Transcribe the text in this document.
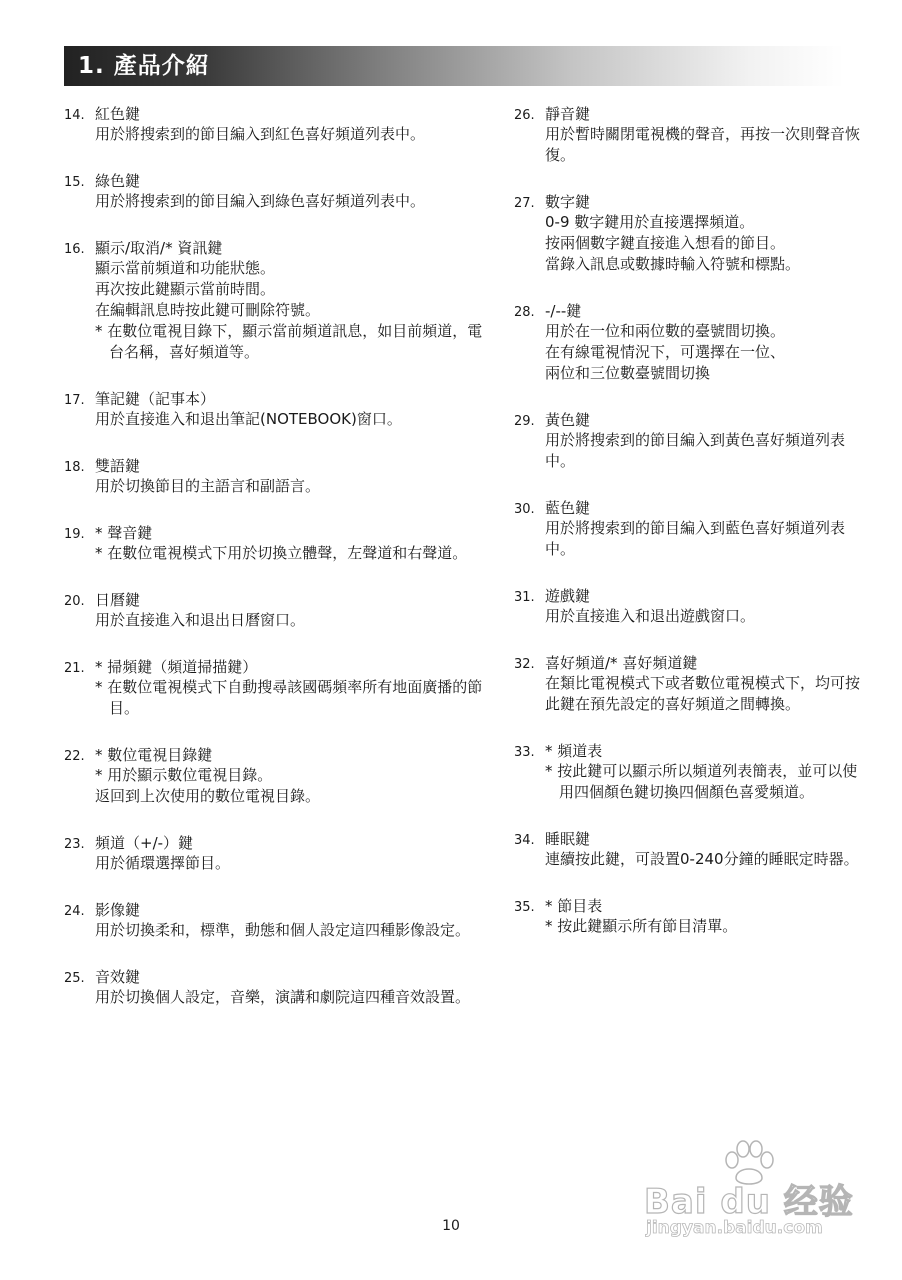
1. 產品介紹
14. 紅色鍵
用於將搜索到的節目編入到紅色喜好頻道列表中。
15. 綠色鍵
用於將搜索到的節目編入到綠色喜好頻道列表中。
16. 顯示/取消/* 資訊鍵
顯示當前頻道和功能狀態。
再次按此鍵顯示當前時間。
在編輯訊息時按此鍵可刪除符號。
* 在數位電視目錄下，顯示當前頻道訊息，如目前頻道，電台名稱，喜好頻道等。
17. 筆記鍵（記事本）
用於直接進入和退出筆記(NOTEBOOK)窗口。
18. 雙語鍵
用於切換節目的主語言和副語言。
19. * 聲音鍵
* 在數位電視模式下用於切換立體聲，左聲道和右聲道。
20. 日曆鍵
用於直接進入和退出日曆窗口。
21. * 掃頻鍵（頻道掃描鍵）
* 在數位電視模式下自動搜尋該國碼頻率所有地面廣播的節目。
22. * 數位電視目錄鍵
* 用於顯示數位電視目錄。
返回到上次使用的數位電視目錄。
23. 頻道（+/-）鍵
用於循環選擇節目。
24. 影像鍵
用於切換柔和，標準，動態和個人設定這四種影像設定。
25. 音效鍵
用於切換個人設定，音樂，演講和劇院這四種音效設置。
26. 靜音鍵
用於暫時關閉電視機的聲音，再按一次則聲音恢復。
27. 數字鍵
0-9 數字鍵用於直接選擇頻道。
按兩個數字鍵直接進入想看的節目。
當錄入訊息或數據時輸入符號和標點。
28. -/--鍵
用於在一位和兩位數的臺號間切換。
在有線電視情況下，可選擇在一位、
兩位和三位數臺號間切換
29. 黃色鍵
用於將搜索到的節目編入到黃色喜好頻道列表中。
30. 藍色鍵
用於將搜索到的節目編入到藍色喜好頻道列表中。
31. 遊戲鍵
用於直接進入和退出遊戲窗口。
32. 喜好頻道/* 喜好頻道鍵
在類比電視模式下或者數位電視模式下，均可按此鍵在預先設定的喜好頻道之間轉換。
33. * 頻道表
* 按此鍵可以顯示所以頻道列表簡表，並可以使用四個顏色鍵切換四個顏色喜愛頻道。
34. 睡眠鍵
連續按此鍵，可設置0-240分鐘的睡眠定時器。
35. * 節目表
* 按此鍵顯示所有節目清單。
10
Bai du 经验
jingyan.baidu.com
